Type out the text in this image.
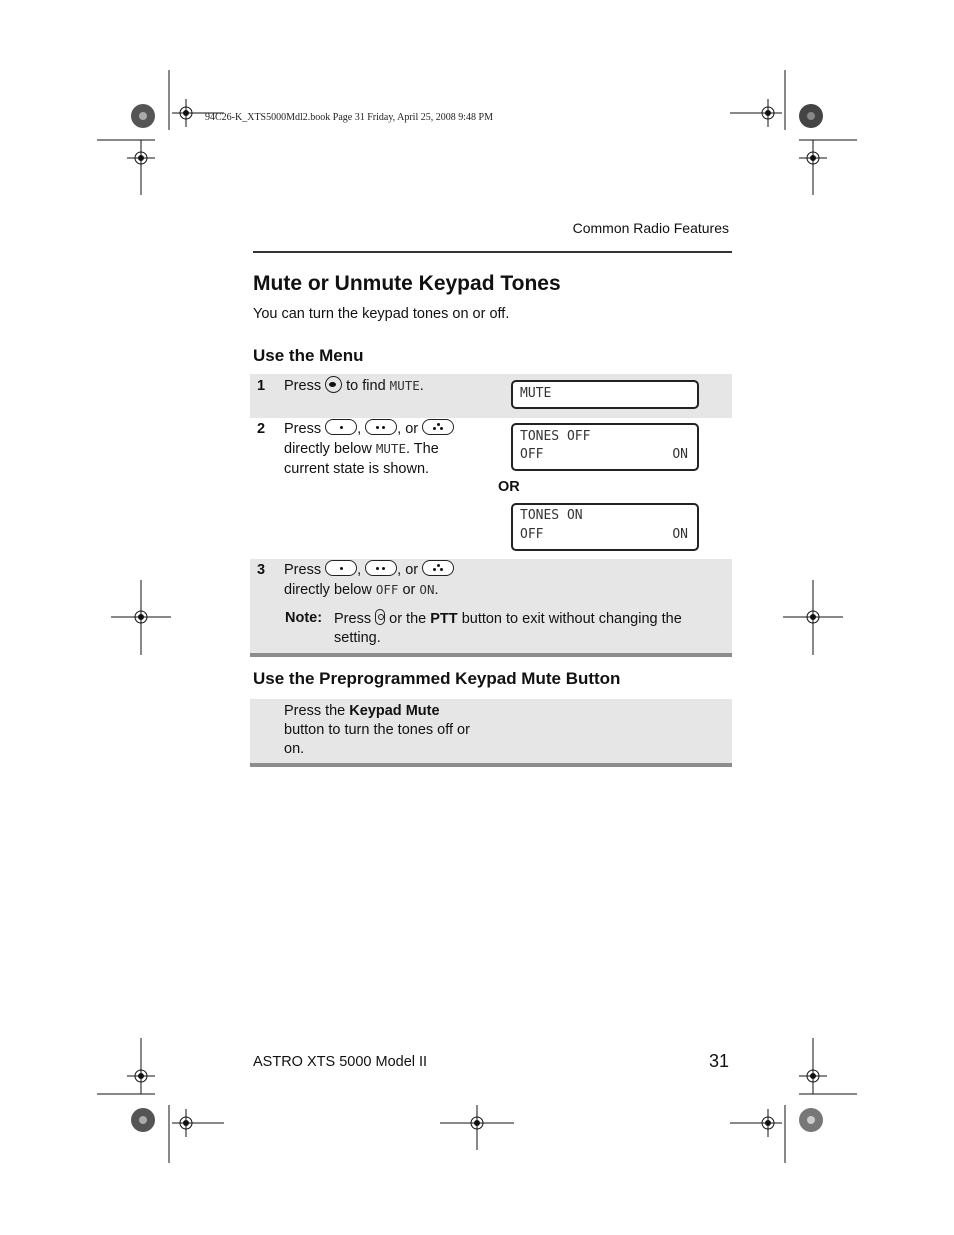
94C26-K_XTS5000Mdl2.book Page 31 Friday, April 25, 2008 9:48 PM
Common Radio Features
Mute or Unmute Keypad Tones
You can turn the keypad tones on or off.
Use the Menu
1 Press to find MUTE.	MUTE
2 Press , , or

directly below MUTE. The
current state is shown.
TONES OFF
OFF	ON
TONES ON
OFF	ON
OR
3 Press , , or

directly below OFF or ON.
Note: Press or the PTT button to exit without changing the setting.
Use the Preprogrammed Keypad Mute Button
Press the Keypad Mute
button to turn the tones off or
on.
ASTRO XTS 5000 Model II	31
